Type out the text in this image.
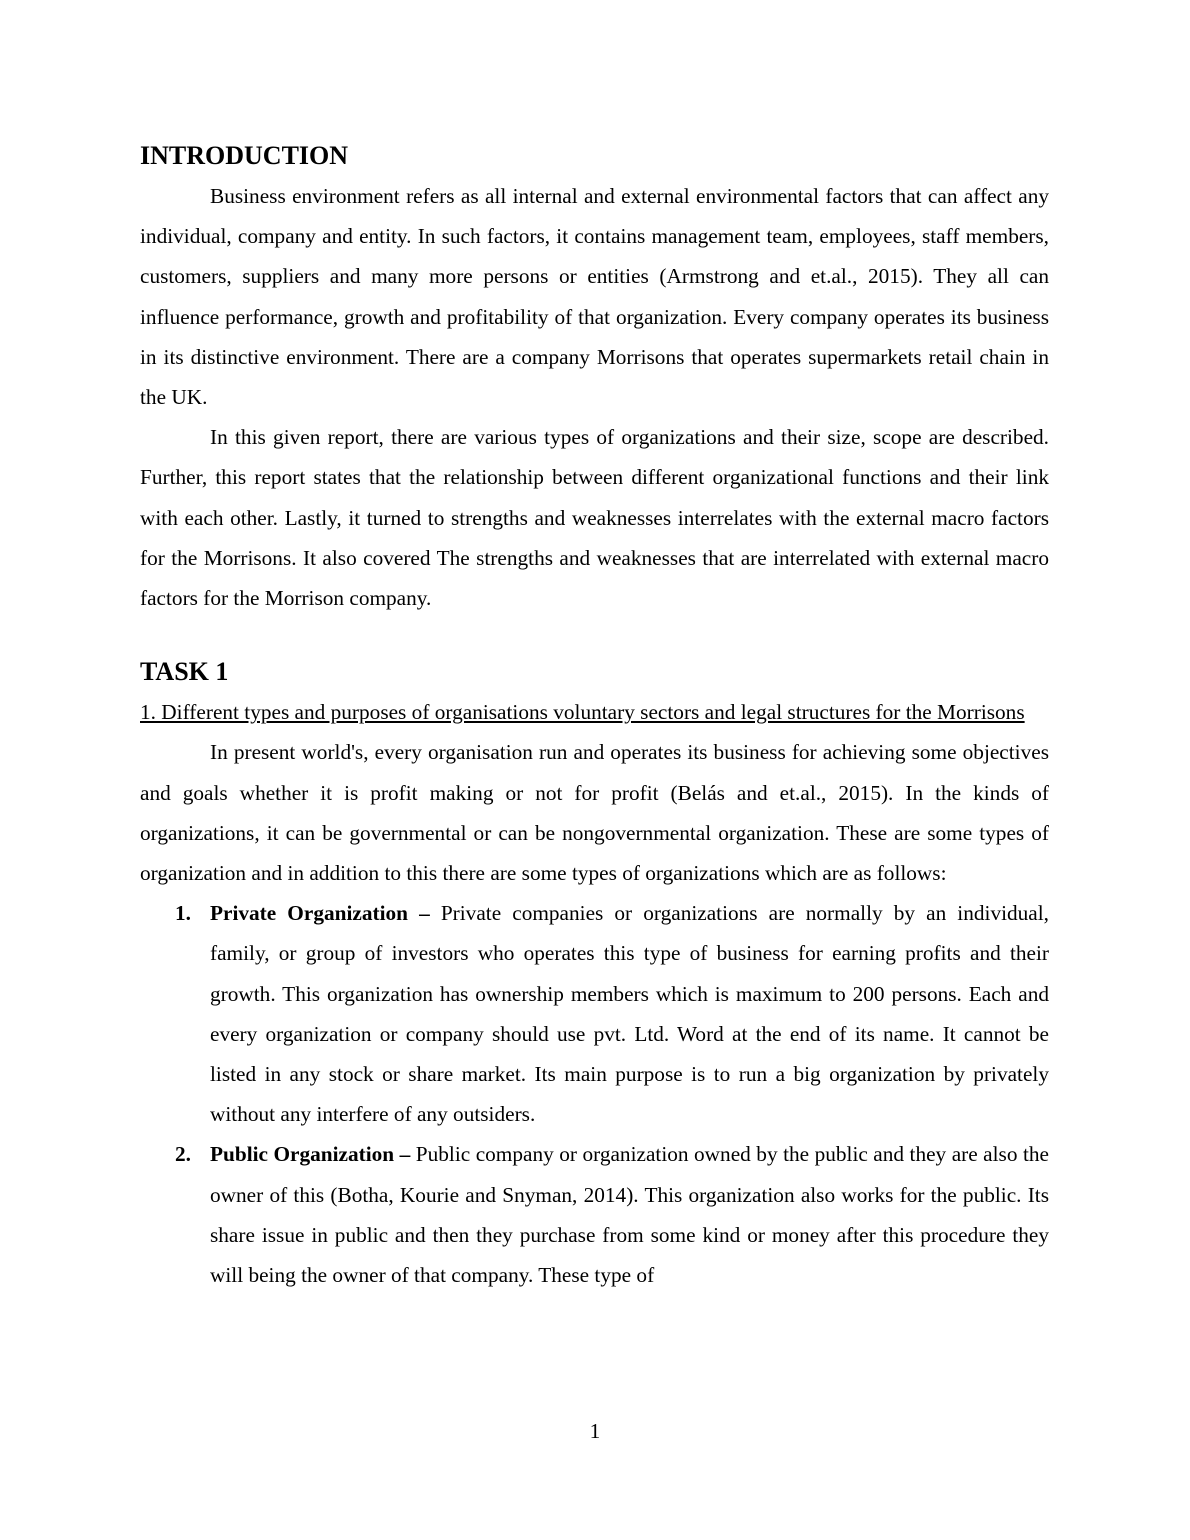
INTRODUCTION

Business environment refers as all internal and external environmental factors that can affect any individual, company and entity. In such factors, it contains management team, employees, staff members, customers, suppliers and many more persons or entities (Armstrong and et.al., 2015). They all can influence performance, growth and profitability of that organization. Every company operates its business in its distinctive environment. There are a company Morrisons that operates supermarkets retail chain in the UK.

In this given report, there are various types of organizations and their size, scope are described. Further, this report states that the relationship between different organizational functions and their link with each other. Lastly, it turned to strengths and weaknesses interrelates with the external macro factors for the Morrisons. It also covered The strengths and weaknesses that are interrelated with external macro factors for the Morrison company.

TASK 1

1. Different types and purposes of organisations voluntary sectors and legal structures for the Morrisons

In present world's, every organisation run and operates its business for achieving some objectives and goals whether it is profit making or not for profit (Belás and et.al., 2015). In the kinds of organizations, it can be governmental or can be nongovernmental organization. These are some types of organization and in addition to this there are some types of organizations which are as follows:

1. Private Organization – Private companies or organizations are normally by an individual, family, or group of investors who operates this type of business for earning profits and their growth. This organization has ownership members which is maximum to 200 persons. Each and every organization or company should use pvt. Ltd. Word at the end of its name. It cannot be listed in any stock or share market. Its main purpose is to run a big organization by privately without any interfere of any outsiders.
2. Public Organization – Public company or organization owned by the public and they are also the owner of this (Botha, Kourie and Snyman, 2014). This organization also works for the public. Its share issue in public and then they purchase from some kind or money after this procedure they will being the owner of that company. These type of
1
